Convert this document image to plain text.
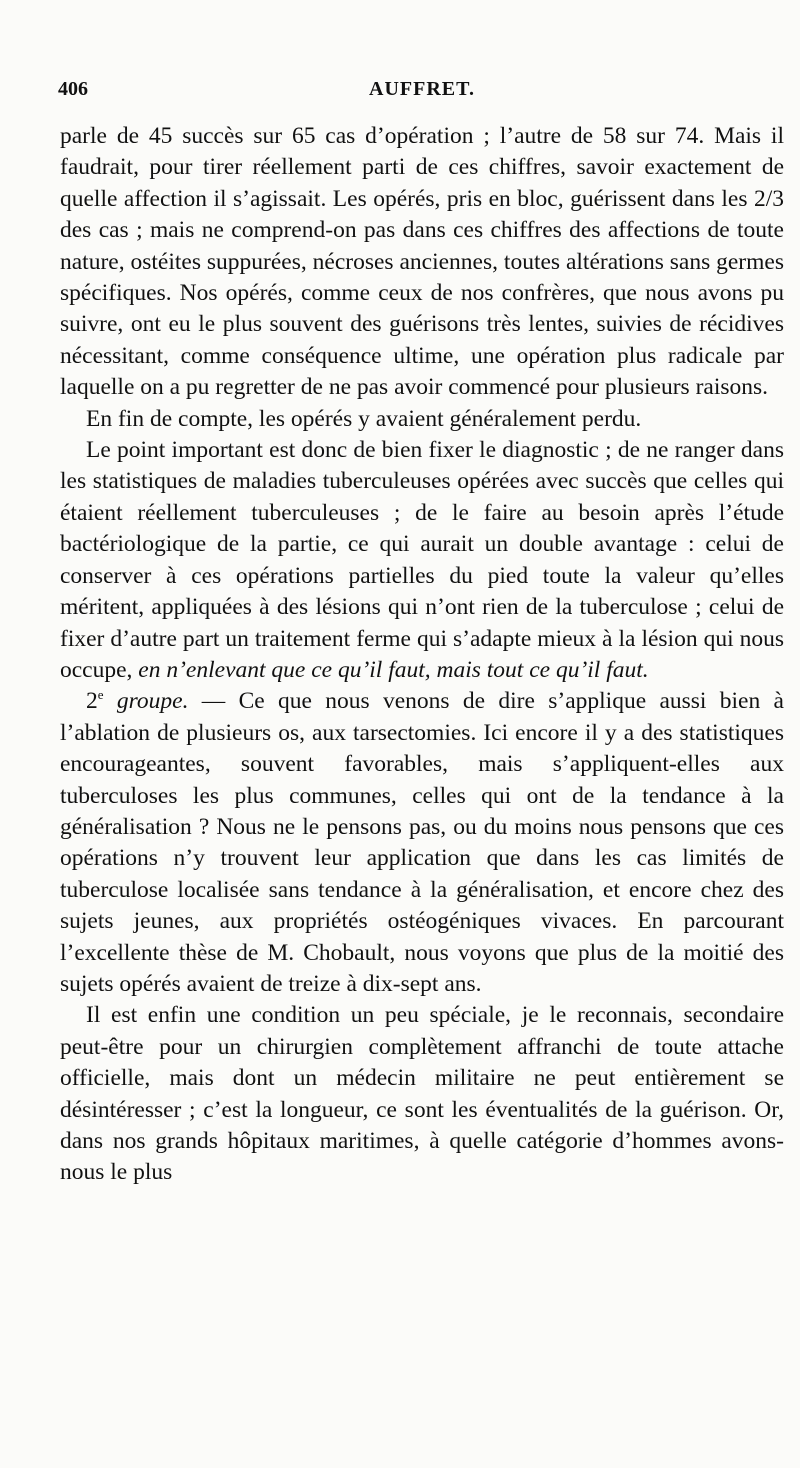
406	AUFFRET.

parle de 45 succès sur 65 cas d’opération ; l’autre de 58 sur 74. Mais il faudrait, pour tirer réellement parti de ces chiffres, savoir exactement de quelle affection il s’agissait. Les opérés, pris en bloc, guérissent dans les 2/3 des cas ; mais ne comprend-on pas dans ces chiffres des affections de toute nature, ostéites suppurées, nécroses anciennes, toutes altérations sans germes spécifiques. Nos opérés, comme ceux de nos confrères, que nous avons pu suivre, ont eu le plus souvent des guérisons très lentes, suivies de récidives nécessitant, comme conséquence ultime, une opération plus radicale par laquelle on a pu regretter de ne pas avoir commencé pour plusieurs raisons.

En fin de compte, les opérés y avaient généralement perdu.

Le point important est donc de bien fixer le diagnostic ; de ne ranger dans les statistiques de maladies tuberculeuses opérées avec succès que celles qui étaient réellement tuberculeuses ; de le faire au besoin après l’étude bactériologique de la partie, ce qui aurait un double avantage : celui de conserver à ces opérations partielles du pied toute la valeur qu’elles méritent, appliquées à des lésions qui n’ont rien de la tuberculose ; celui de fixer d’autre part un traitement ferme qui s’adapte mieux à la lésion qui nous occupe, en n’enlevant que ce qu’il faut, mais tout ce qu’il faut.

2e groupe. — Ce que nous venons de dire s’applique aussi bien à l’ablation de plusieurs os, aux tarsectomies. Ici encore il y a des statistiques encourageantes, souvent favorables, mais s’appliquent-elles aux tuberculoses les plus communes, celles qui ont de la tendance à la généralisation ? Nous ne le pensons pas, ou du moins nous pensons que ces opérations n’y trouvent leur application que dans les cas limités de tuberculose localisée sans tendance à la généralisation, et encore chez des sujets jeunes, aux propriétés ostéogéniques vivaces. En parcourant l’excellente thèse de M. Chobault, nous voyons que plus de la moitié des sujets opérés avaient de treize à dix-sept ans.

Il est enfin une condition un peu spéciale, je le reconnais, secondaire peut-être pour un chirurgien complètement affranchi de toute attache officielle, mais dont un médecin militaire ne peut entièrement se désintéresser ; c’est la longueur, ce sont les éventualités de la guérison. Or, dans nos grands hôpitaux maritimes, à quelle catégorie d’hommes avons-nous le plus
